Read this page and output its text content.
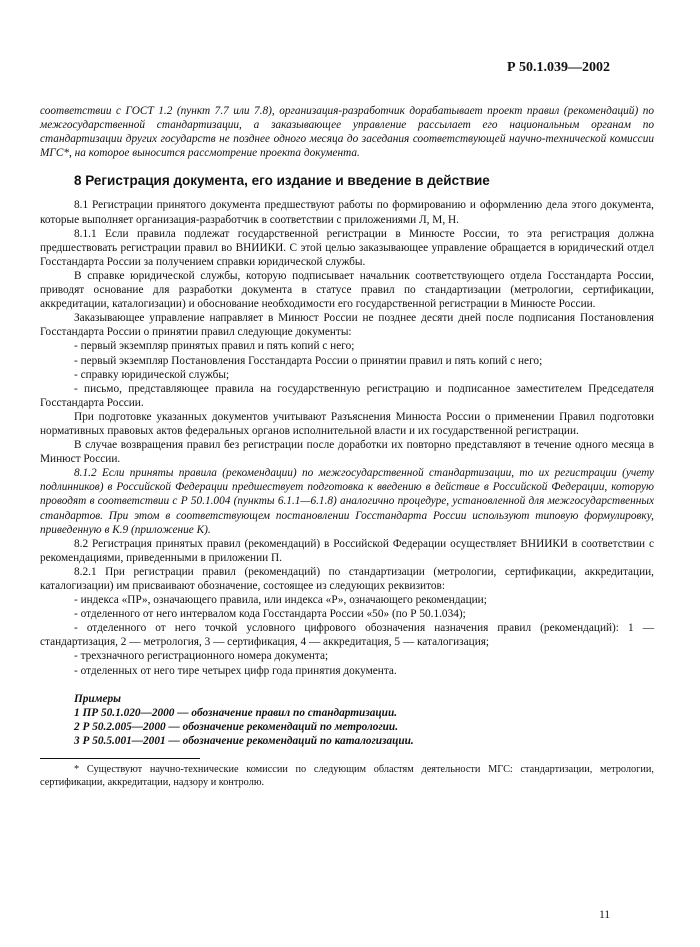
Р 50.1.039—2002

соответствии с ГОСТ 1.2 (пункт 7.7 или 7.8), организация-разработчик дорабатывает проект правил (рекомендаций) по межгосударственной стандартизации, а заказывающее управление рассылает его национальным органам по стандартизации других государств не позднее одного месяца до заседания соответствующей научно-технической комиссии МГС*, на которое выносится рассмотрение проекта документа.

8 Регистрация документа, его издание и введение в действие

8.1 Регистрации принятого документа предшествуют работы по формированию и оформлению дела этого документа, которые выполняет организация-разработчик в соответствии с приложениями Л, М, Н.

8.1.1 Если правила подлежат государственной регистрации в Минюсте России, то эта регистрация должна предшествовать регистрации правил во ВНИИКИ. С этой целью заказывающее управление обращается в юридический отдел Госстандарта России за получением справки юридической службы.

В справке юридической службы, которую подписывает начальник соответствующего отдела Госстандарта России, приводят основание для разработки документа в статусе правил по стандартизации (метрологии, сертификации, аккредитации, каталогизации) и обоснование необходимости его государственной регистрации в Минюсте России.

Заказывающее управление направляет в Минюст России не позднее десяти дней после подписания Постановления Госстандарта России о принятии правил следующие документы:

- первый экземпляр принятых правил и пять копий с него;
- первый экземпляр Постановления Госстандарта России о принятии правил и пять копий с него;
- справку юридической службы;
- письмо, представляющее правила на государственную регистрацию и подписанное заместителем Председателя Госстандарта России.

При подготовке указанных документов учитывают Разъяснения Минюста России о применении Правил подготовки нормативных правовых актов федеральных органов исполнительной власти и их государственной регистрации.

В случае возвращения правил без регистрации после доработки их повторно представляют в течение одного месяца в Минюст России.

8.1.2 Если приняты правила (рекомендации) по межгосударственной стандартизации, то их регистрации (учету подлинников) в Российской Федерации предшествует подготовка к введению в действие в Российской Федерации, которую проводят в соответствии с Р 50.1.004 (пункты 6.1.1—6.1.8) аналогично процедуре, установленной для межгосударственных стандартов. При этом в соответствующем постановлении Госстандарта России используют типовую формулировку, приведенную в К.9 (приложение К).

8.2 Регистрация принятых правил (рекомендаций) в Российской Федерации осуществляет ВНИИКИ в соответствии с рекомендациями, приведенными в приложении П.

8.2.1 При регистрации правил (рекомендаций) по стандартизации (метрологии, сертификации, аккредитации, каталогизации) им присваивают обозначение, состоящее из следующих реквизитов:

- индекса «ПР», означающего правила, или индекса «Р», означающего рекомендации;
- отделенного от него интервалом кода Госстандарта России «50» (по Р 50.1.034);
- отделенного от него точкой условного цифрового обозначения назначения правил (рекомендаций): 1 — стандартизация, 2 — метрология, 3 — сертификация, 4 — аккредитация, 5 — каталогизация;
- трехзначного регистрационного номера документа;
- отделенных от него тире четырех цифр года принятия документа.
Примеры
1 ПР 50.1.020—2000 — обозначение правил по стандартизации.
2 Р 50.2.005—2000 — обозначение рекомендаций по метрологии.
3 Р 50.5.001—2001 — обозначение рекомендаций по каталогизации.

* Существуют научно-технические комиссии по следующим областям деятельности МГС: стандартизации, метрологии, сертификации, аккредитации, надзору и контролю.

11
